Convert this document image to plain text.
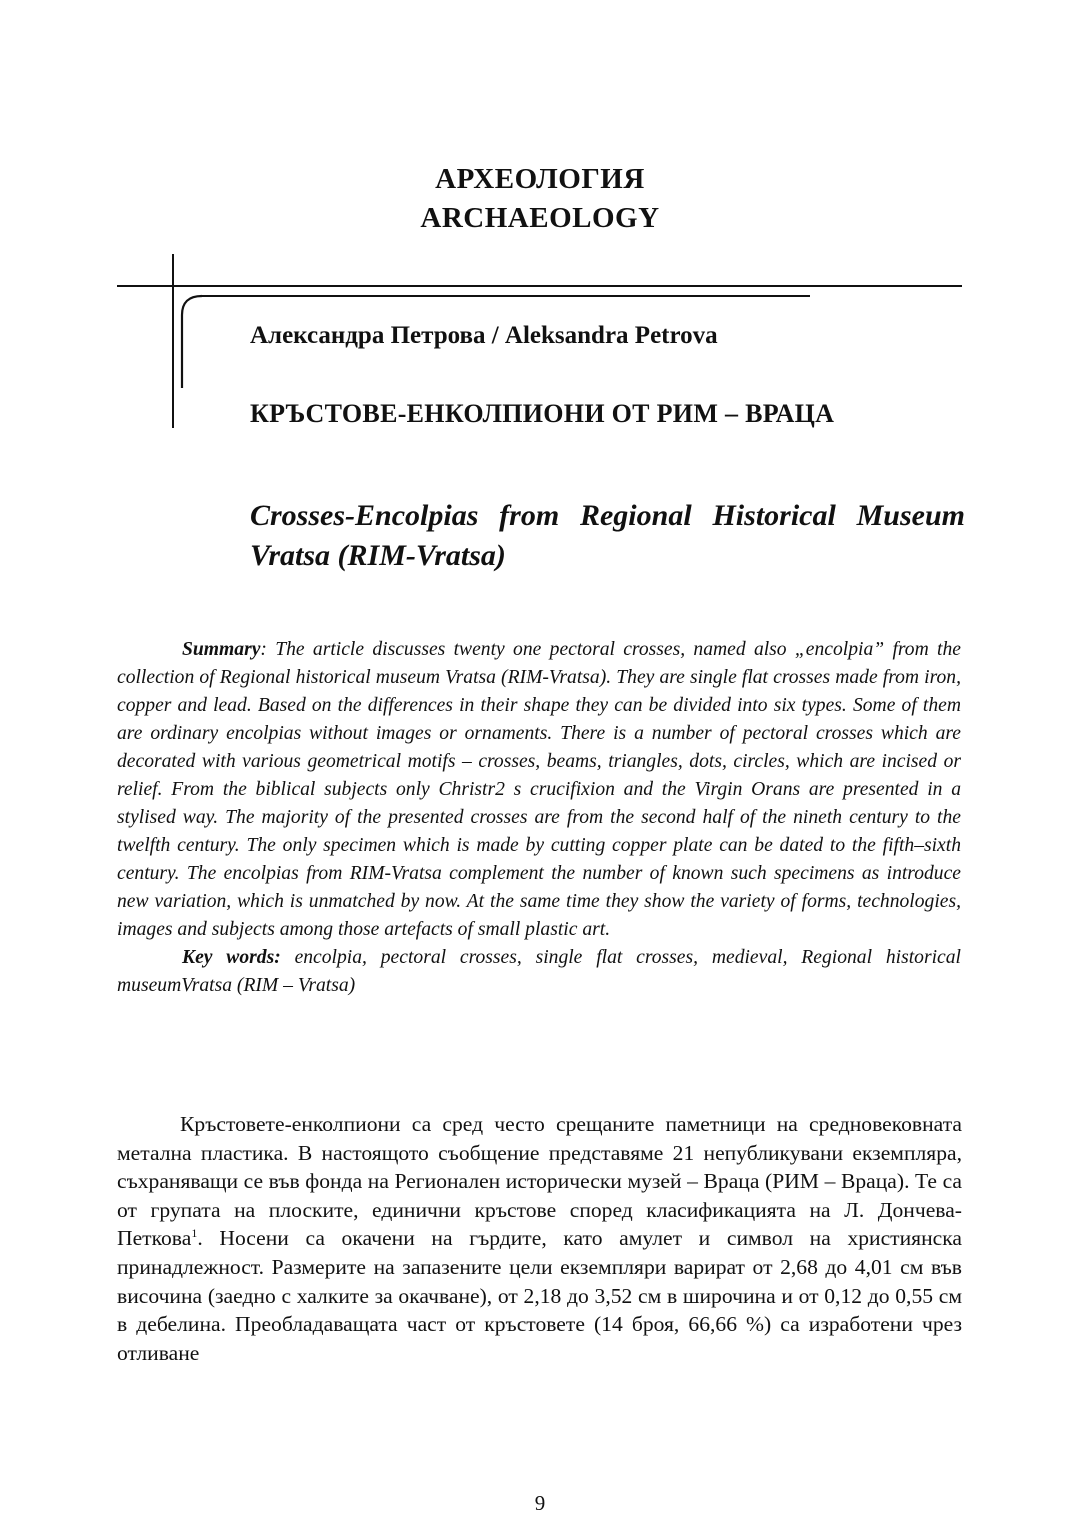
АРХЕОЛОГИЯ
ARCHAEOLOGY
Александра Петрова / Aleksandra Petrova
КРЪСТОВЕ-ЕНКОЛПИОНИ ОТ РИМ – ВРАЦА
Crosses-Encolpias from Regional Historical Museum Vratsa (RIM-Vratsa)

Summary: The article discusses twenty one pectoral crosses, named also „encolpia” from the collection of Regional historical museum Vratsa (RIM-Vratsa). They are single flat crosses made from iron, copper and lead. Based on the differences in their shape they can be divided into six types. Some of them are ordinary encolpias without images or ornaments. There is a number of pectoral crosses which are decorated with various geometrical motifs – crosses, beams, triangles, dots, circles, which are incised or relief. From the biblical subjects only Christr2 s crucifixion and the Virgin Orans are presented in a stylised way. The majority of the presented crosses are from the second half of the nineth century to the twelfth century. The only specimen which is made by cutting copper plate can be dated to the fifth–sixth century. The encolpias from RIM-Vratsa complement the number of known such specimens as introduce new variation, which is unmatched by now. At the same time they show the variety of forms, technologies, images and subjects among those artefacts of small plastic art.

Key words: encolpia, pectoral crosses, single flat crosses, medieval, Regional historical museumVratsa (RIM – Vratsa)

Кръстовете-енколпиони са сред често срещаните паметници на средновековната метална пластика. В настоящото съобщение представяме 21 непубликувани екземпляра, съхраняващи се във фонда на Регионален исторически музей – Враца (РИМ – Враца). Те са от групата на плоските, единични кръстове според класификацията на Л. Дончева-Петкова$^1$. Носени са окачени на гърдите, като амулет и символ на християнска принадлежност. Размерите на запазените цели екземпляри варират от 2,68 до 4,01 см във височина (заедно с халките за окачване), от 2,18 до 3,52 см в широчина и от 0,12 до 0,55 см в дебелина. Преобладаващата част от кръстовете (14 броя, 66,66 %) са изработени чрез отливане

9
